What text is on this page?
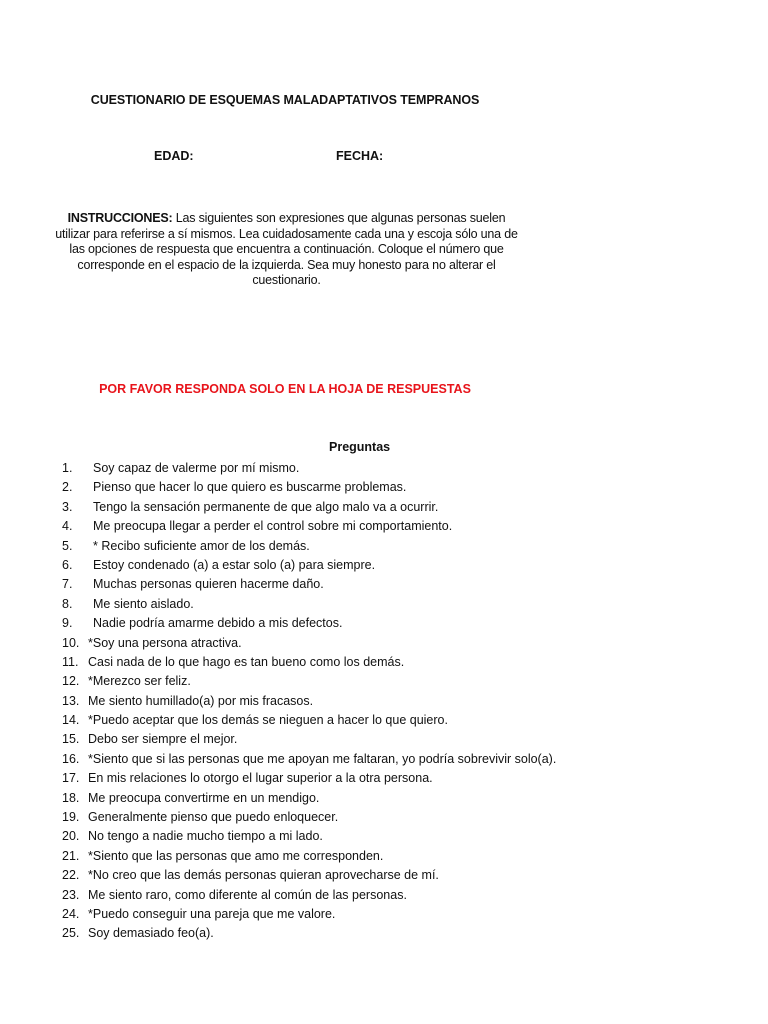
CUESTIONARIO DE ESQUEMAS MALADAPTATIVOS TEMPRANOS
EDAD:	FECHA:
INSTRUCCIONES: Las siguientes son expresiones que algunas personas suelen utilizar para referirse a sí mismos. Lea cuidadosamente cada una y escoja sólo una de las opciones de respuesta que encuentra a continuación. Coloque el número que corresponde en el espacio de la izquierda. Sea muy honesto para no alterar el cuestionario.
POR FAVOR RESPONDA SOLO EN LA HOJA DE RESPUESTAS
Preguntas
1. Soy capaz de valerme por mí mismo.
2. Pienso que hacer lo que quiero es buscarme problemas.
3. Tengo la sensación permanente de que algo malo va a ocurrir.
4. Me preocupa llegar a perder el control sobre mi comportamiento.
5. * Recibo suficiente amor de los demás.
6. Estoy condenado (a) a estar solo (a) para siempre.
7. Muchas personas quieren hacerme daño.
8. Me siento aislado.
9. Nadie podría amarme debido a mis defectos.
10. *Soy una persona atractiva.
11. Casi nada de lo que hago es tan bueno como los demás.
12. *Merezco ser feliz.
13. Me siento humillado(a) por mis fracasos.
14. *Puedo aceptar que los demás se nieguen a hacer lo que quiero.
15. Debo ser siempre el mejor.
16. *Siento que si las personas que me apoyan me faltaran, yo podría sobrevivir solo(a).
17. En mis relaciones lo otorgo el lugar superior a la otra persona.
18. Me preocupa convertirme en un mendigo.
19. Generalmente pienso que puedo enloquecer.
20. No tengo a nadie mucho tiempo a mi lado.
21. *Siento que las personas que amo me corresponden.
22. *No creo que las demás personas quieran aprovecharse de mí.
23. Me siento raro, como diferente al común de las personas.
24. *Puedo conseguir una pareja que me valore.
25. Soy demasiado feo(a).
